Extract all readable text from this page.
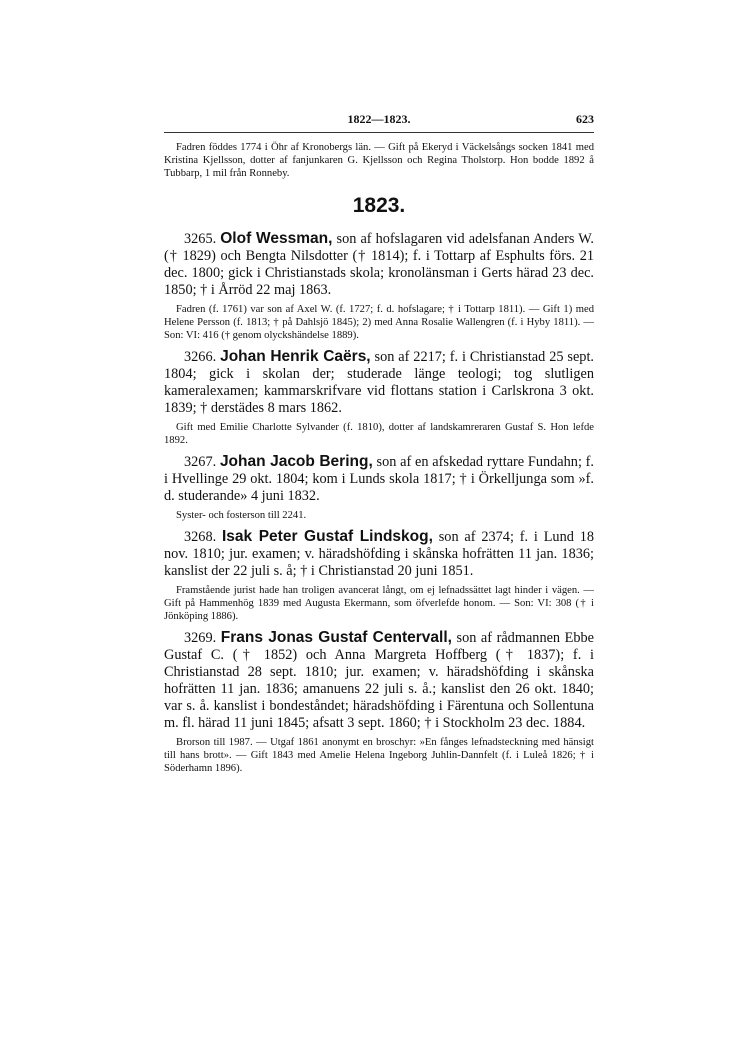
1822—1823.	623

Fadren föddes 1774 i Öhr af Kronobergs län. — Gift på Ekeryd i Väckelsångs socken 1841 med Kristina Kjellsson, dotter af fanjunkaren G. Kjellsson och Regina Tholstorp. Hon bodde 1892 å Tubbarp, 1 mil från Ronneby.

1823.

3265. Olof Wessman, son af hofslagaren vid adelsfanan Anders W. († 1829) och Bengta Nilsdotter († 1814); f. i Tottarp af Esphults förs. 21 dec. 1800; gick i Christianstads skola; kronolänsman i Gerts härad 23 dec. 1850; † i Årröd 22 maj 1863.

Fadren (f. 1761) var son af Axel W. (f. 1727; f. d. hofslagare; † i Tottarp 1811). — Gift 1) med Helene Persson (f. 1813; † på Dahlsjö 1845); 2) med Anna Rosalie Wallengren (f. i Hyby 1811). — Son: VI: 416 († genom olyckshändelse 1889).

3266. Johan Henrik Caërs, son af 2217; f. i Christianstad 25 sept. 1804; gick i skolan der; studerade länge teologi; tog slutligen kameralexamen; kammarskrifvare vid flottans station i Carlskrona 3 okt. 1839; † derstädes 8 mars 1862.

Gift med Emilie Charlotte Sylvander (f. 1810), dotter af landskamreraren Gustaf S. Hon lefde 1892.

3267. Johan Jacob Bering, son af en afskedad ryttare Fundahn; f. i Hvellinge 29 okt. 1804; kom i Lunds skola 1817; † i Örkelljunga som »f. d. studerande» 4 juni 1832.

Syster- och fosterson till 2241.

3268. Isak Peter Gustaf Lindskog, son af 2374; f. i Lund 18 nov. 1810; jur. examen; v. häradshöfding i skånska hofrätten 11 jan. 1836; kanslist der 22 juli s. å; † i Christianstad 20 juni 1851.

Framstående jurist hade han troligen avancerat långt, om ej lefnadssättet lagt hinder i vägen. — Gift på Hammenhög 1839 med Augusta Ekermann, som öfverlefde honom. — Son: VI: 308 († i Jönköping 1886).

3269. Frans Jonas Gustaf Centervall, son af rådmannen Ebbe Gustaf C. († 1852) och Anna Margreta Hoffberg († 1837); f. i Christianstad 28 sept. 1810; jur. examen; v. häradshöfding i skånska hofrätten 11 jan. 1836; amanuens 22 juli s. å.; kanslist den 26 okt. 1840; var s. å. kanslist i bondeståndet; häradshöfding i Färentuna och Sollentuna m. fl. härad 11 juni 1845; afsatt 3 sept. 1860; † i Stockholm 23 dec. 1884.

Brorson till 1987. — Utgaf 1861 anonymt en broschyr: »En fånges lefnadsteckning med hänsigt till hans brott». — Gift 1843 med Amelie Helena Ingeborg Juhlin-Dannfelt (f. i Luleå 1826; † i Söderhamn 1896).
